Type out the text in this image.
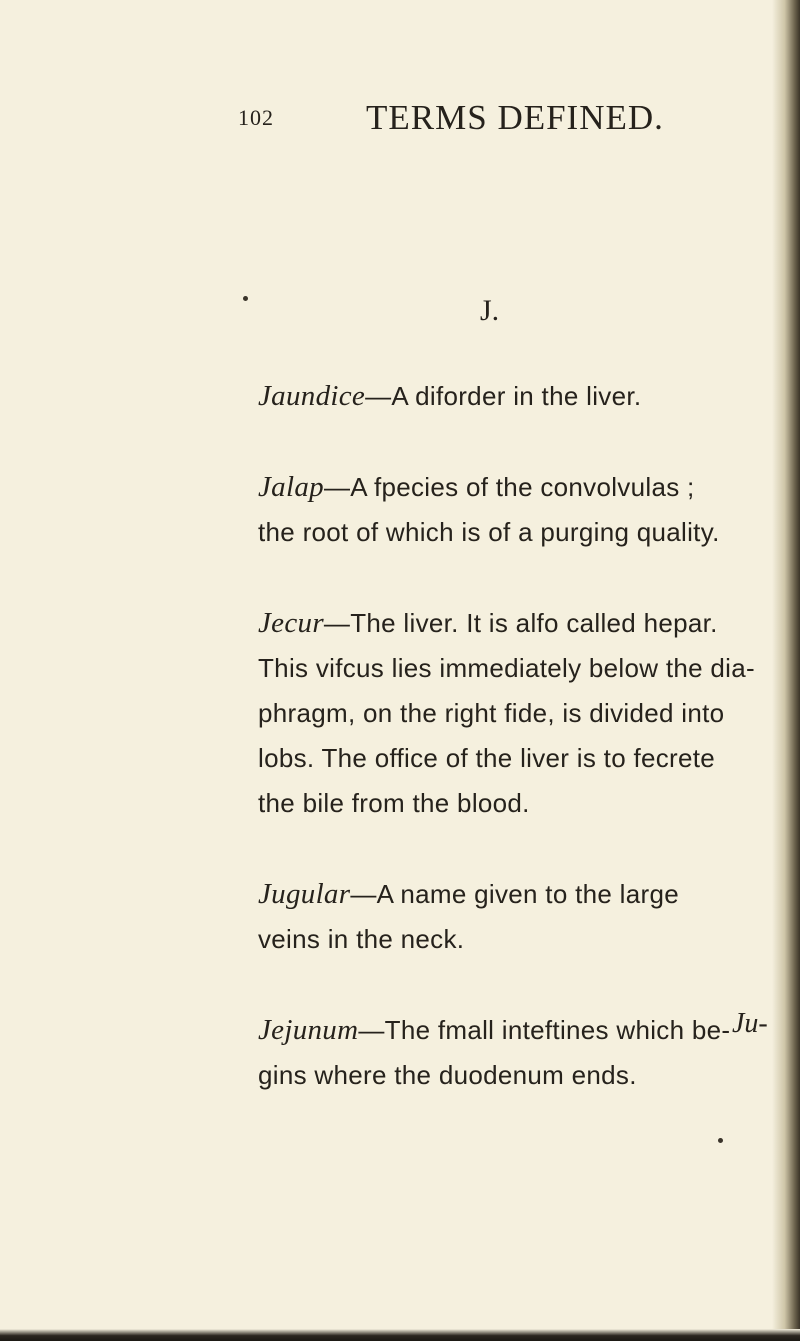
102	TERMS DEFINED.
J.
Jaundice—A diforder in the liver.
Jalap—A fpecies of the convolvulas ;
the root of which is of a purging quality.
Jecur—The liver. It is alfo called hepar.
This vifcus lies immediately below the dia-
phragm, on the right fide, is divided into
lobs. The office of the liver is to fecrete
the bile from the blood.
Jugular—A name given to the large
veins in the neck.
Jejunum—The fmall inteftines which be-
gins where the duodenum ends.
Ju-
